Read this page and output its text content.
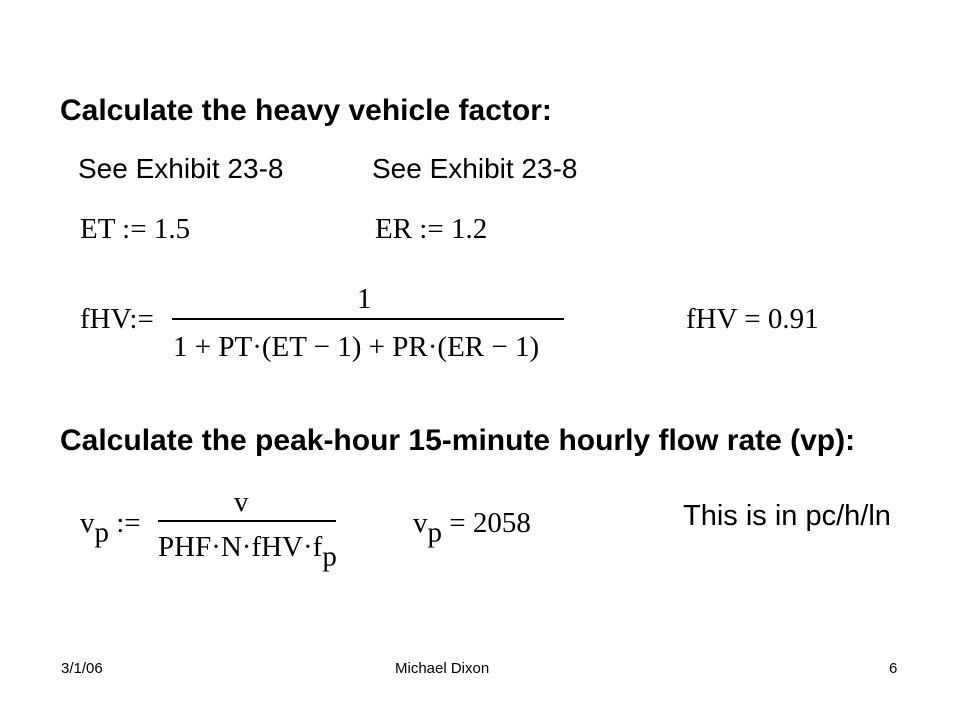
Calculate the heavy vehicle factor:
See Exhibit 23-8	See Exhibit 23-8
ET := 1.5	ER := 1.2
fHV:=
1
1 + PT·(ET − 1) + PR·(ER − 1)
fHV = 0.91
Calculate the peak-hour 15-minute hourly flow rate (vp):
$v_p$ :=
v
$PHF\cdot N\cdot fHV\cdot f_p$
$v_p = 2058$	This is in pc/h/ln
3/1/06	Michael Dixon	6
